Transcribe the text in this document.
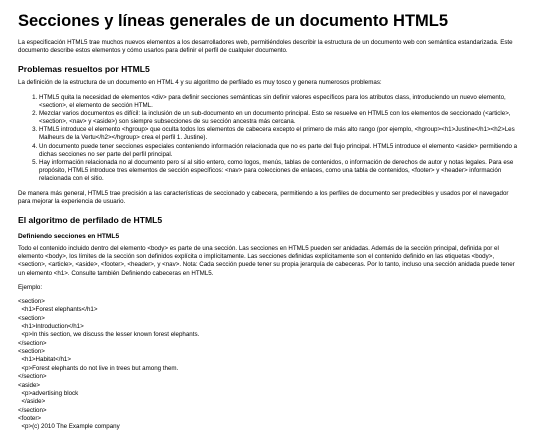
Secciones y líneas generales de un documento HTML5

La especificación HTML5 trae muchos nuevos elementos a los desarrolladores web, permitiéndoles describir la estructura de un documento web con semántica estandarizada. Este documento describe estos elementos y cómo usarlos para definir el perfil de cualquier documento.

Problemas resueltos por HTML5

La definición de la estructura de un documento en HTML 4 y su algoritmo de perfilado es muy tosco y genera numerosos problemas:

1. HTML5 quita la necesidad de elementos <div> para definir secciones semánticas sin definir valores específicos para los atributos class, introduciendo un nuevo elemento, <section>, el elemento de sección HTML.
2. Mezclar varios documentos es difícil: la inclusión de un sub-documento en un documento principal. Esto se resuelve en HTML5 con los elementos de seccionado (<article>, <section>, <nav> y <aside>) son siempre subsecciones de su sección ancestra más cercana.
3. HTML5 introduce el elemento <hgroup> que oculta todos los elementos de cabecera excepto el primero de más alto rango (por ejemplo, <hgroup><h1>Justine</h1><h2>Les Malheurs de la Vertu</h2></hgroup> crea el perfil 1. Justine).
4. Un documento puede tener secciones especiales conteniendo información relacionada que no es parte del flujo principal. HTML5 introduce el elemento <aside> permitiendo a dichas secciones no ser parte del perfil principal.
5. Hay información relacionada no al documento pero sí al sitio entero, como logos, menús, tablas de contenidos, o información de derechos de autor y notas legales. Para ese propósito, HTML5 introduce tres elementos de sección específicos: <nav> para colecciones de enlaces, como una tabla de contenidos, <footer> y <header> información relacionada con el sitio.

De manera más general, HTML5 trae precisión a las características de seccionado y cabecera, permitiendo a los perfiles de documento ser predecibles y usados por el navegador para mejorar la experiencia de usuario.

El algoritmo de perfilado de HTML5
Definiendo secciones en HTML5

Todo el contenido incluido dentro del elemento <body> es parte de una sección. Las secciones en HTML5 pueden ser anidadas. Además de la sección principal, definida por el elemento <body>, los límites de la sección son definidos explícita o implícitamente. Las secciones definidas explícitamente son el contenido definido en las etiquetas <body>, <section>, <article>, <aside>, <footer>, <header>, y <nav>. Nota: Cada sección puede tener su propia jerarquía de cabeceras. Por lo tanto, incluso una sección anidada puede tener un elemento <h1>. Consulte también Definiendo cabeceras en HTML5.

Ejemplo:

<section>
<h1>Forest elephants</h1>
<section>
<h1>Introduction</h1>
<p>In this section, we discuss the lesser known forest elephants.
</section>
<section>
<h1>Habitat</h1>
<p>Forest elephants do not live in trees but among them.
</section>
<aside>
<p>advertising block
</aside>
</section>
<footer>
<p>(c) 2010 The Example company
